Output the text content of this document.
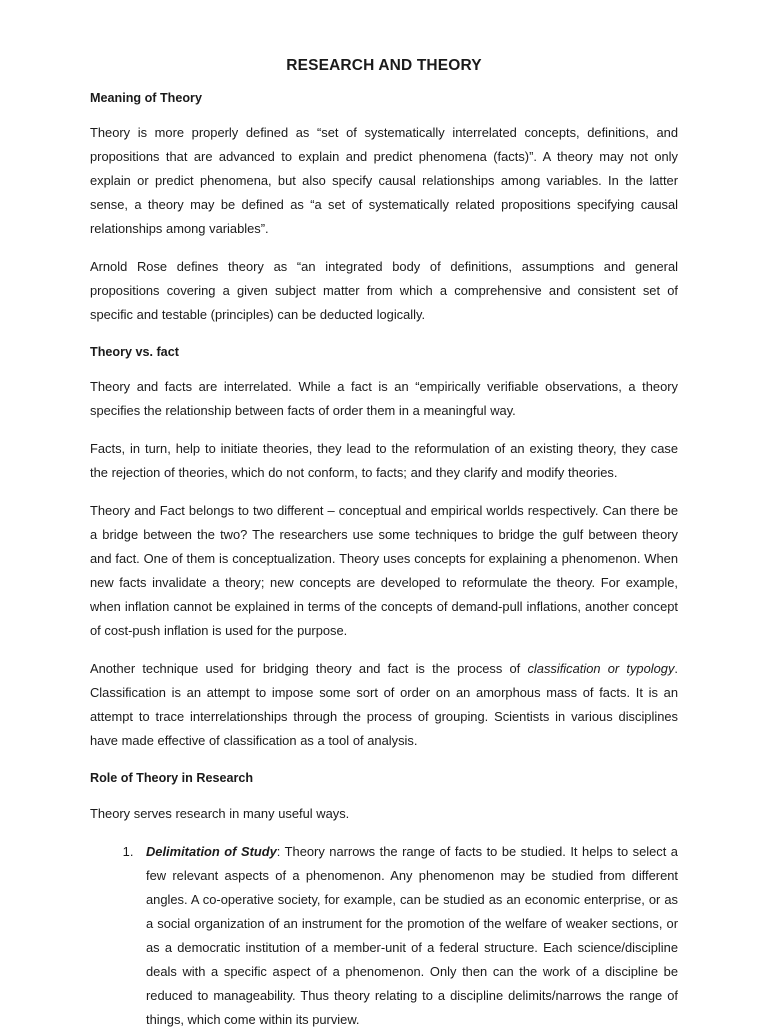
RESEARCH AND THEORY
Meaning of Theory

Theory is more properly defined as “set of systematically interrelated concepts, definitions, and propositions that are advanced to explain and predict phenomena (facts)”. A theory may not only explain or predict phenomena, but also specify causal relationships among variables. In the latter sense, a theory may be defined as “a set of systematically related propositions specifying causal relationships among variables”.

Arnold Rose defines theory as “an integrated body of definitions, assumptions and general propositions covering a given subject matter from which a comprehensive and consistent set of specific and testable (principles) can be deducted logically.

Theory vs. fact

Theory and facts are interrelated. While a fact is an “empirically verifiable observations, a theory specifies the relationship between facts of order them in a meaningful way.

Facts, in turn, help to initiate theories, they lead to the reformulation of an existing theory, they case the rejection of theories, which do not conform, to facts; and they clarify and modify theories.

Theory and Fact belongs to two different – conceptual and empirical worlds respectively. Can there be a bridge between the two? The researchers use some techniques to bridge the gulf between theory and fact. One of them is conceptualization. Theory uses concepts for explaining a phenomenon. When new facts invalidate a theory; new concepts are developed to reformulate the theory. For example, when inflation cannot be explained in terms of the concepts of demand-pull inflations, another concept of cost-push inflation is used for the purpose.

Another technique used for bridging theory and fact is the process of classification or typology. Classification is an attempt to impose some sort of order on an amorphous mass of facts. It is an attempt to trace interrelationships through the process of grouping. Scientists in various disciplines have made effective of classification as a tool of analysis.

Role of Theory in Research

Theory serves research in many useful ways.

1. Delimitation of Study: Theory narrows the range of facts to be studied. It helps to select a few relevant aspects of a phenomenon. Any phenomenon may be studied from different angles. A co-operative society, for example, can be studied as an economic enterprise, or as a social organization of an instrument for the promotion of the welfare of weaker sections, or as a democratic institution of a member-unit of a federal structure. Each science/discipline deals with a specific aspect of a phenomenon. Only then can the work of a discipline be reduced to manageability. Thus theory relating to a discipline delimits/narrows the range of things, which come within its purview.
